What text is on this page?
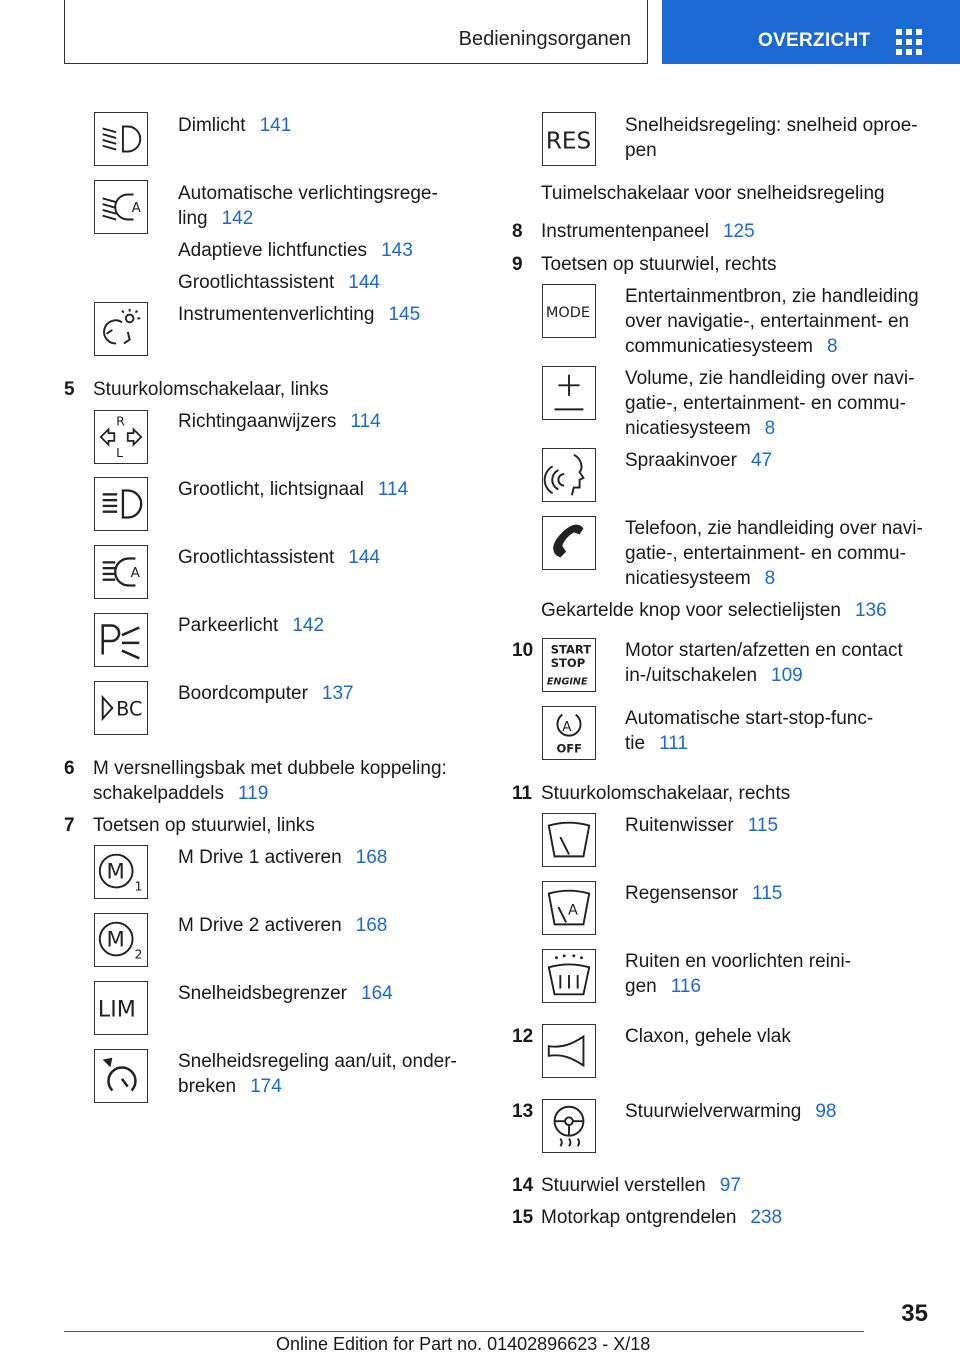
Bedieningsorganen	OVERZICHT
Dimlicht 141
A
Automatische verlichtingsrege-
ling 142
Adaptieve lichtfuncties 143
Grootlichtassistent 144
Instrumentenverlichting 145
5 Stuurkolomschakelaar, links
R
L
Richtingaanwijzers 114
Grootlicht, lichtsignaal 114
A
Grootlichtassistent 144
Parkeerlicht 142
BC
Boordcomputer 137
6 M versnellingsbak met dubbele koppeling:
schakelpaddels 119
7 Toetsen op stuurwiel, links
M
1
M Drive 1 activeren 168
M
2
M Drive 2 activeren 168
LIM
Snelheidsbegrenzer 164
Snelheidsregeling aan/uit, onder-
breken 174
RES
Snelheidsregeling: snelheid oproe-
pen
Tuimelschakelaar voor snelheidsregeling
8 Instrumentenpaneel 125
9 Toetsen op stuurwiel, rechts
MODE
Entertainmentbron, zie handleiding
over navigatie-, entertainment- en
communicatiesysteem 8
Volume, zie handleiding over navi-
gatie-, entertainment- en commu-
nicatiesysteem 8
Spraakinvoer 47
Telefoon, zie handleiding over navi-
gatie-, entertainment- en commu-
nicatiesysteem 8
Gekartelde knop voor selectielijsten 136
10 START
STOP
ENGINE
Motor starten/afzetten en contact
in-/uitschakelen 109
A
OFF
Automatische start-stop-func-
tie 111
11 Stuurkolomschakelaar, rechts
Ruitenwisser 115
A
Regensensor 115
Ruiten en voorlichten reini-
gen 116
12	Claxon, gehele vlak
13	Stuurwielverwarming 98
14 Stuurwiel verstellen 97
15 Motorkap ontgrendelen 238
35
Online Edition for Part no. 01402896623 - X/18
